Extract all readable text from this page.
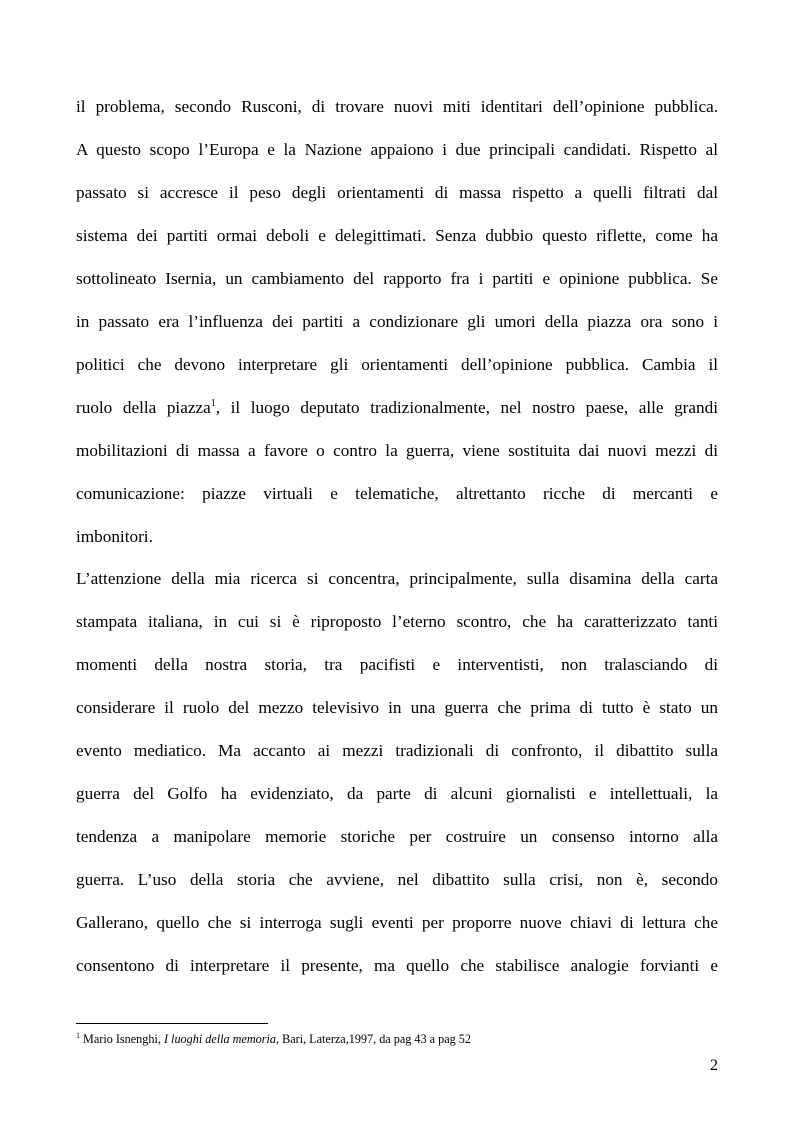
il problema, secondo Rusconi, di trovare nuovi miti identitari dell’opinione pubblica.
A questo scopo l’Europa e la Nazione appaiono i due principali candidati. Rispetto al
passato si accresce il peso degli orientamenti di massa rispetto a quelli filtrati dal
sistema dei partiti ormai deboli e delegittimati. Senza dubbio questo riflette, come ha
sottolineato Isernia, un cambiamento del rapporto fra i partiti e opinione pubblica. Se
in passato era l’influenza dei partiti a condizionare gli umori della piazza ora sono i
politici che devono interpretare gli orientamenti dell’opinione pubblica. Cambia il
ruolo della piazza$^1$, il luogo deputato tradizionalmente, nel nostro paese, alle grandi
mobilitazioni di massa a favore o contro la guerra, viene sostituita dai nuovi mezzi di
comunicazione: piazze virtuali e telematiche, altrettanto ricche di mercanti e
imbonitori.
L’attenzione della mia ricerca si concentra, principalmente, sulla disamina della carta
stampata italiana, in cui si è riproposto l’eterno scontro, che ha caratterizzato tanti
momenti della nostra storia, tra pacifisti e interventisti, non tralasciando di
considerare il ruolo del mezzo televisivo in una guerra che prima di tutto è stato un
evento mediatico. Ma accanto ai mezzi tradizionali di confronto, il dibattito sulla
guerra del Golfo ha evidenziato, da parte di alcuni giornalisti e intellettuali, la
tendenza a manipolare memorie storiche per costruire un consenso intorno alla
guerra. L’uso della storia che avviene, nel dibattito sulla crisi, non è, secondo
Gallerano, quello che si interroga sugli eventi per proporre nuove chiavi di lettura che
consentono di interpretare il presente, ma quello che stabilisce analogie forvianti e
$^1$ Mario Isnenghi, I luoghi della memoria, Bari, Laterza,1997, da pag 43 a pag 52
2
